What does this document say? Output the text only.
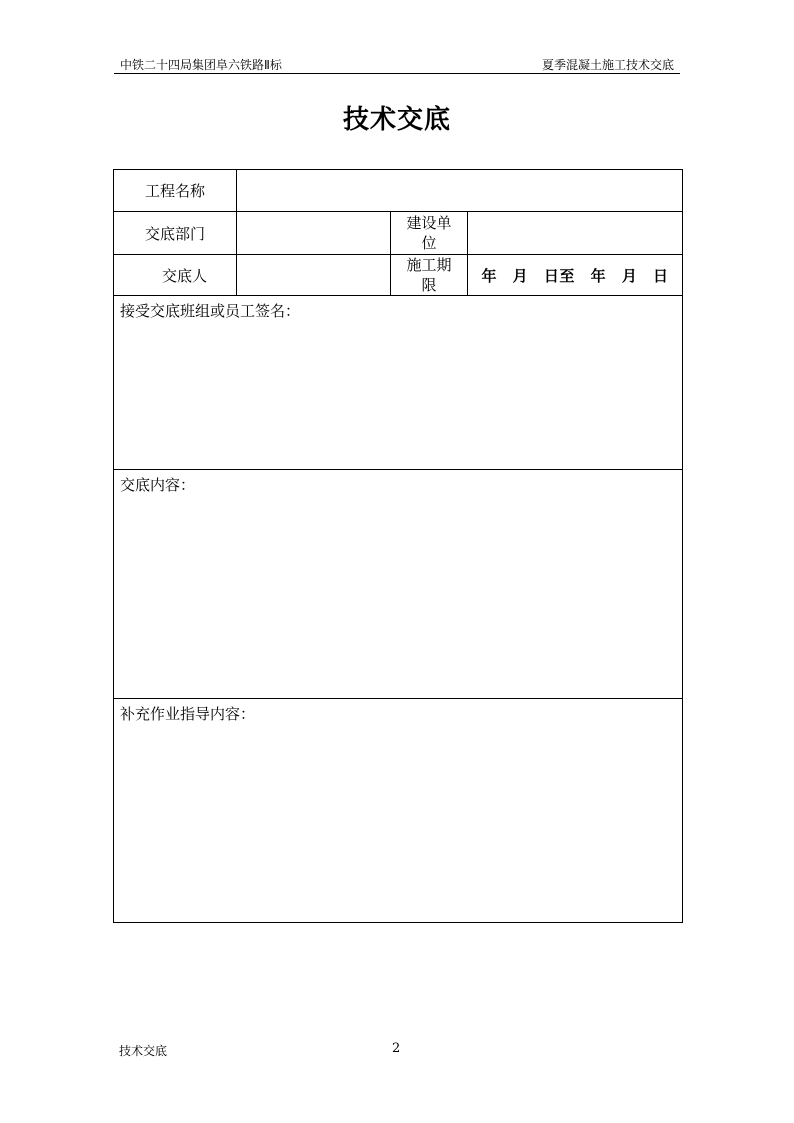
中铁二十四局集团阜六铁路Ⅱ标	夏季混凝土施工技术交底
技术交底
工程名称			
交底部门		建设单
位	

交底人		施工期
限	年 月 日至 年 月 日
接受交底班组或员工签名：			
交底内容：			
补充作业指导内容：			
技术交底	2
